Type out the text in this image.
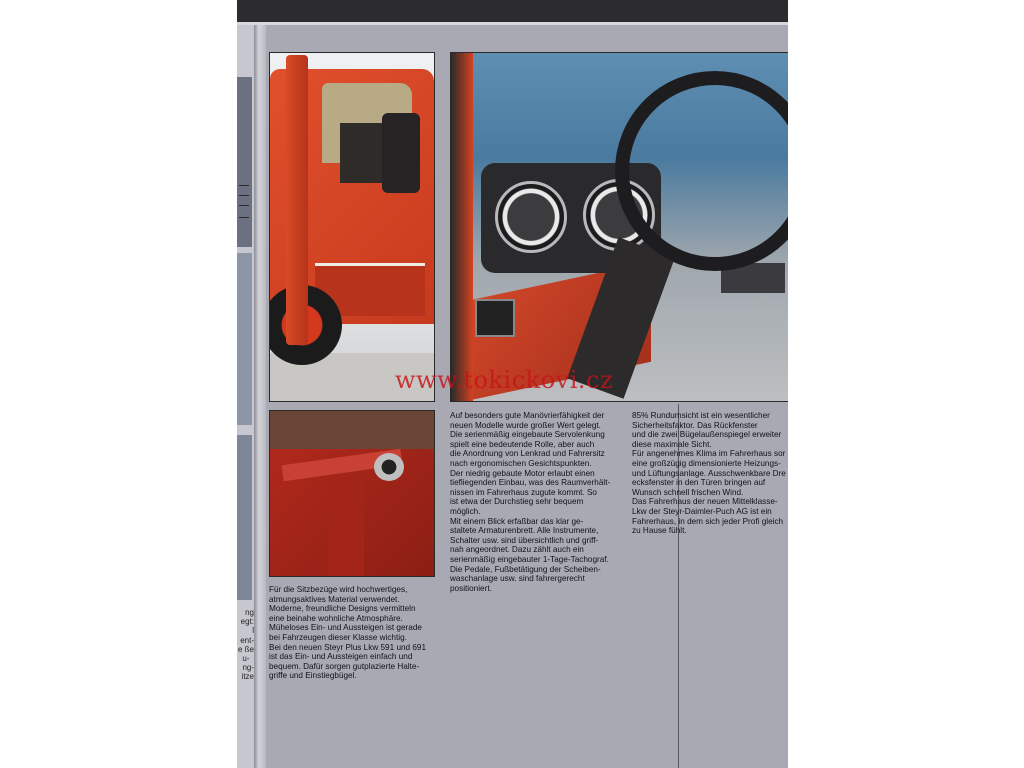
ng egt: ent- e ße u-   ng- itze
www.tokickovi.cz
Für die Sitzbezüge wird hochwertiges,
atmungsaktives Material verwendet.
Moderne, freundliche Designs vermitteln
eine beinahe wohnliche Atmosphäre.
Müheloses Ein- und Aussteigen ist gerade
bei Fahrzeugen dieser Klasse wichtig.
Bei den neuen Steyr Plus Lkw 591 und 691
ist das Ein- und Aussteigen einfach und
bequem. Dafür sorgen gutplazierte Halte-
griffe und Einstiegbügel.
Auf besonders gute Manövrierfähigkeit der
neuen Modelle wurde großer Wert gelegt.
Die serienmäßig eingebaute Servolenkung
spielt eine bedeutende Rolle, aber auch
die Anordnung von Lenkrad und Fahrersitz
nach ergonomischen Gesichtspunkten.
Der niedrig gebaute Motor erlaubt einen
tiefliegenden Einbau, was des Raumverhält-
nissen im Fahrerhaus zugute kommt. So
ist etwa der Durchstieg sehr bequem
möglich.
Mit einem Blick erfaßbar das klar ge-
staltete Armaturenbrett. Alle Instrumente,
Schalter usw. sind übersichtlich und griff-
nah angeordnet. Dazu zählt auch ein
serienmäßig eingebauter 1-Tage-Tachograf.
Die Pedale, Fußbetätigung der Scheiben-
waschanlage usw. sind fahrergerecht
positioniert.
85% Rundumsicht ist ein wesentlicher
Sicherheitsfaktor. Das Rückfenster
und die zwei Bügelaußenspiegel erweiter
diese maximale Sicht.
Für angenehmes Klima im Fahrerhaus sor
eine großzügig dimensionierte Heizungs-
und Lüftungsanlage. Ausschwenkbare Dre
ecksfenster in den Türen bringen auf
Wunsch schnell frischen Wind.
Das Fahrerhaus der neuen Mittelklasse-
Lkw der Steyr-Daimler-Puch AG ist ein
Fahrerhaus, in dem sich jeder Profi gleich
zu Hause fühlt.
